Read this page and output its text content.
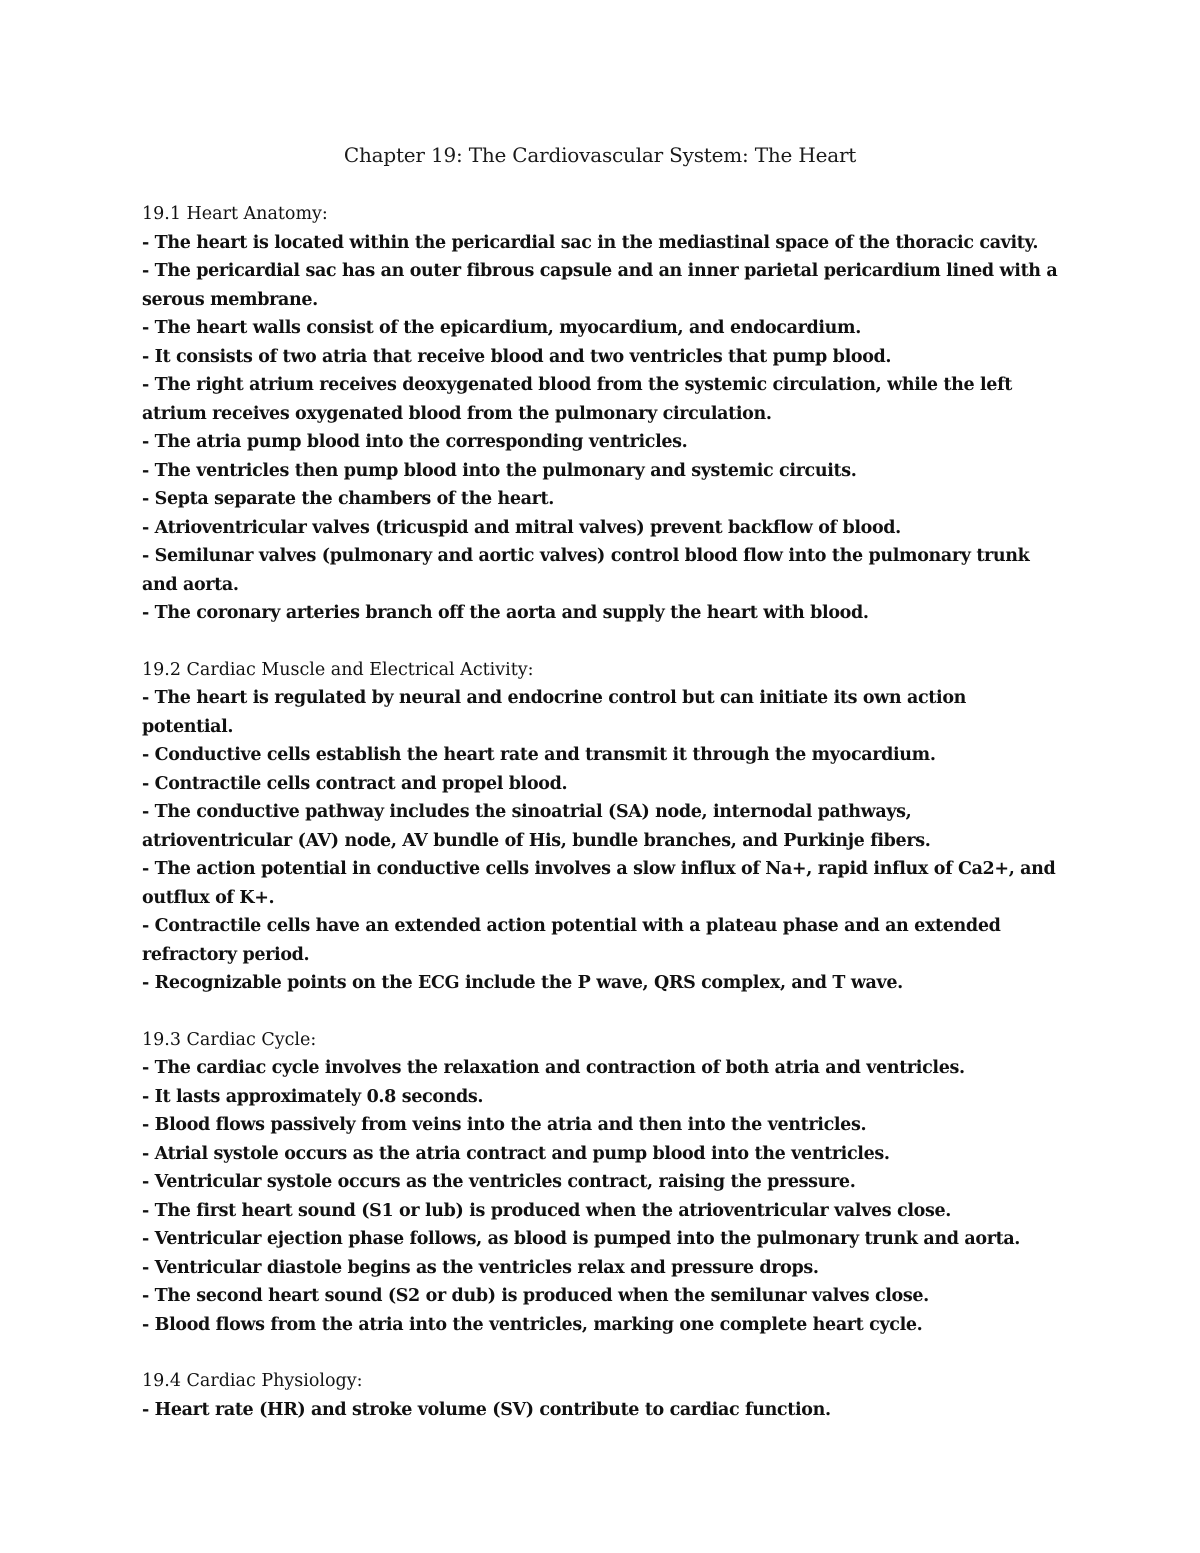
Chapter 19: The Cardiovascular System: The Heart

19.1 Heart Anatomy:

- The heart is located within the pericardial sac in the mediastinal space of the thoracic cavity.
- The pericardial sac has an outer fibrous capsule and an inner parietal pericardium lined with a serous membrane.
- The heart walls consist of the epicardium, myocardium, and endocardium.
- It consists of two atria that receive blood and two ventricles that pump blood.
- The right atrium receives deoxygenated blood from the systemic circulation, while the left atrium receives oxygenated blood from the pulmonary circulation.
- The atria pump blood into the corresponding ventricles.
- The ventricles then pump blood into the pulmonary and systemic circuits.
- Septa separate the chambers of the heart.
- Atrioventricular valves (tricuspid and mitral valves) prevent backflow of blood.
- Semilunar valves (pulmonary and aortic valves) control blood flow into the pulmonary trunk and aorta.
- The coronary arteries branch off the aorta and supply the heart with blood.

19.2 Cardiac Muscle and Electrical Activity:

- The heart is regulated by neural and endocrine control but can initiate its own action potential.
- Conductive cells establish the heart rate and transmit it through the myocardium.
- Contractile cells contract and propel blood.
- The conductive pathway includes the sinoatrial (SA) node, internodal pathways, atrioventricular (AV) node, AV bundle of His, bundle branches, and Purkinje fibers.
- The action potential in conductive cells involves a slow influx of Na+, rapid influx of Ca2+, and outflux of K+.
- Contractile cells have an extended action potential with a plateau phase and an extended refractory period.
- Recognizable points on the ECG include the P wave, QRS complex, and T wave.

19.3 Cardiac Cycle:

- The cardiac cycle involves the relaxation and contraction of both atria and ventricles.
- It lasts approximately 0.8 seconds.
- Blood flows passively from veins into the atria and then into the ventricles.
- Atrial systole occurs as the atria contract and pump blood into the ventricles.
- Ventricular systole occurs as the ventricles contract, raising the pressure.
- The first heart sound (S1 or lub) is produced when the atrioventricular valves close.
- Ventricular ejection phase follows, as blood is pumped into the pulmonary trunk and aorta.
- Ventricular diastole begins as the ventricles relax and pressure drops.
- The second heart sound (S2 or dub) is produced when the semilunar valves close.
- Blood flows from the atria into the ventricles, marking one complete heart cycle.

19.4 Cardiac Physiology:

- Heart rate (HR) and stroke volume (SV) contribute to cardiac function.
